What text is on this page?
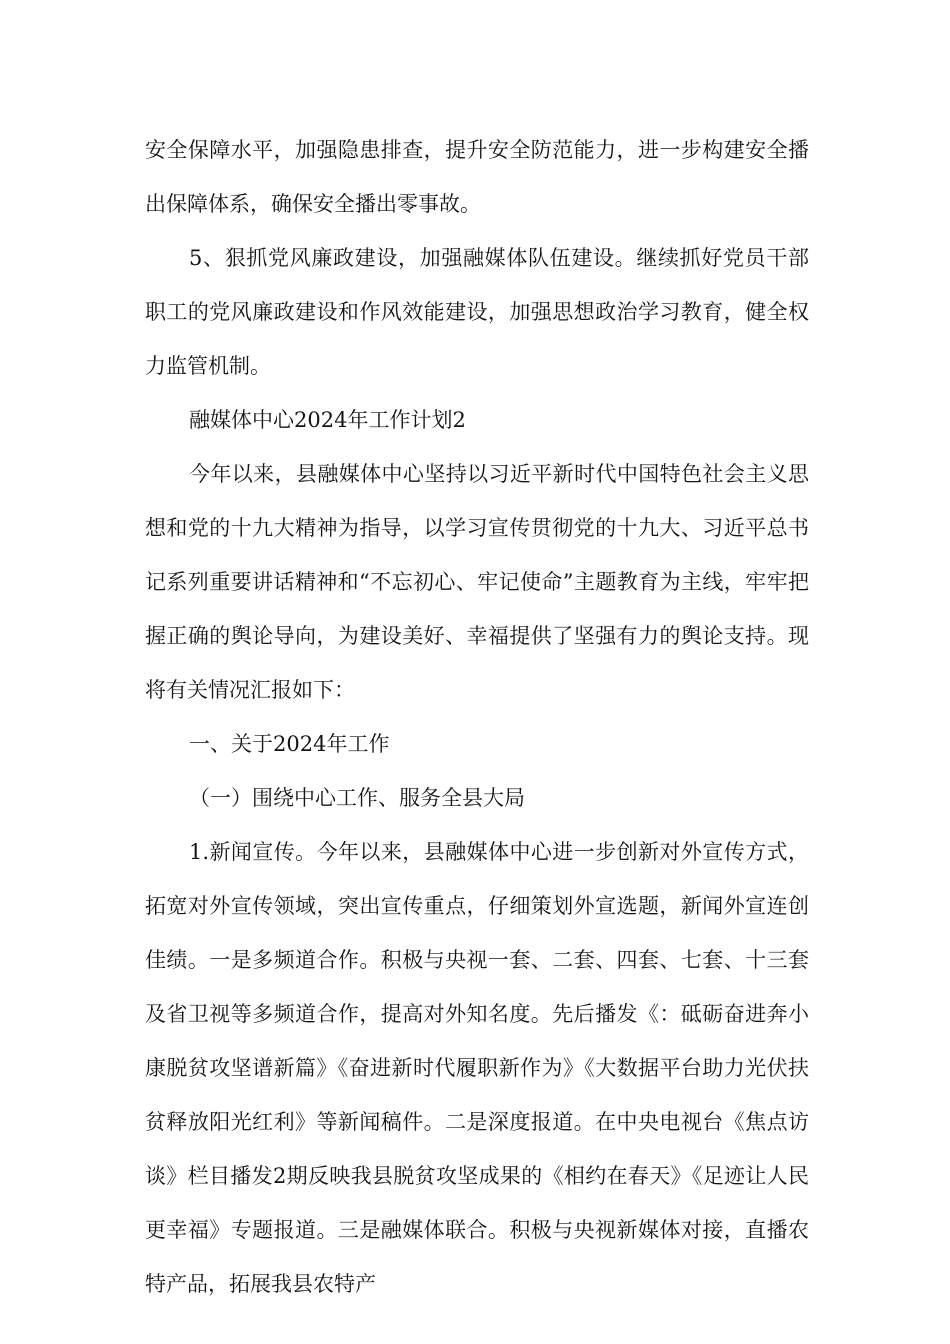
安全保障水平，加强隐患排查，提升安全防范能力，进一步构建安全播出保障体系，确保安全播出零事故。

5、狠抓党风廉政建设，加强融媒体队伍建设。继续抓好党员干部职工的党风廉政建设和作风效能建设，加强思想政治学习教育，健全权力监管机制。

融媒体中心2024年工作计划2

今年以来，县融媒体中心坚持以习近平新时代中国特色社会主义思想和党的十九大精神为指导，以学习宣传贯彻党的十九大、习近平总书记系列重要讲话精神和“不忘初心、牢记使命”主题教育为主线，牢牢把握正确的舆论导向，为建设美好、幸福提供了坚强有力的舆论支持。现将有关情况汇报如下：

一、关于2024年工作

（一）围绕中心工作、服务全县大局

1.新闻宣传。今年以来，县融媒体中心进一步创新对外宣传方式，拓宽对外宣传领域，突出宣传重点，仔细策划外宣选题，新闻外宣连创佳绩。一是多频道合作。积极与央视一套、二套、四套、七套、十三套及省卫视等多频道合作，提高对外知名度。先后播发《：砥砺奋进奔小康脱贫攻坚谱新篇》《奋进新时代履职新作为》《大数据平台助力光伏扶贫释放阳光红利》等新闻稿件。二是深度报道。在中央电视台《焦点访谈》栏目播发2期反映我县脱贫攻坚成果的《相约在春天》《足迹让人民更幸福》专题报道。三是融媒体联合。积极与央视新媒体对接，直播农特产品，拓展我县农特产
